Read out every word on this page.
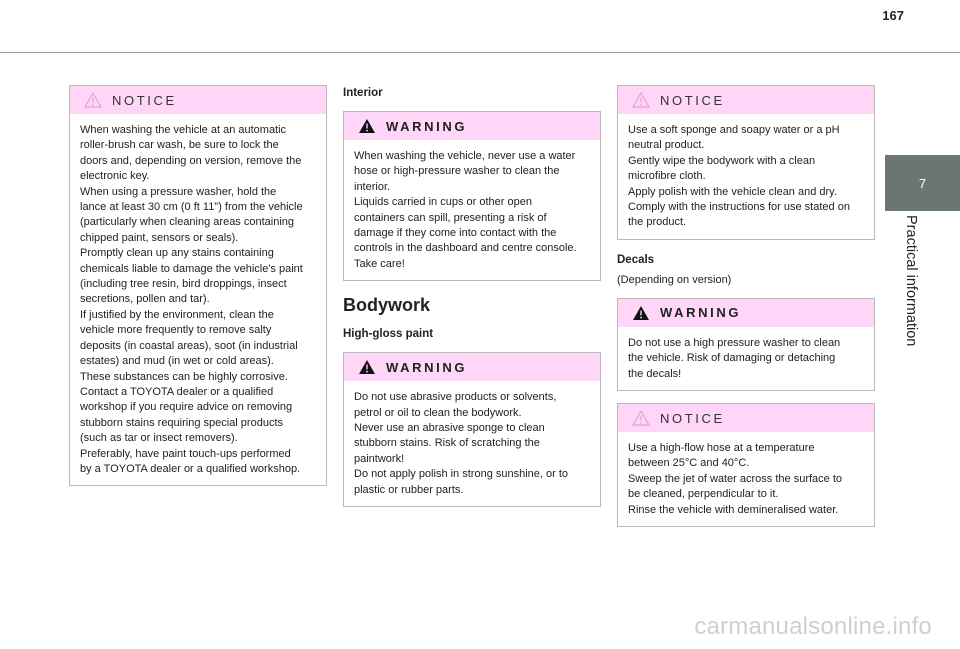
167
7
Practical information
NOTICE

When washing the vehicle at an automatic

roller-brush car wash, be sure to lock the

doors and, depending on version, remove the

electronic key.

When using a pressure washer, hold the

lance at least 30 cm (0 ft 11") from the vehicle

(particularly when cleaning areas containing

chipped paint, sensors or seals).

Promptly clean up any stains containing

chemicals liable to damage the vehicle's paint

(including tree resin, bird droppings, insect

secretions, pollen and tar).

If justified by the environment, clean the

vehicle more frequently to remove salty

deposits (in coastal areas), soot (in industrial

estates) and mud (in wet or cold areas).

These substances can be highly corrosive.

Contact a TOYOTA dealer or a qualified

workshop if you require advice on removing

stubborn stains requiring special products

(such as tar or insect removers).

Preferably, have paint touch-ups performed

by a TOYOTA dealer or a qualified workshop.

Interior
WARNING

When washing the vehicle, never use a water

hose or high-pressure washer to clean the

interior.

Liquids carried in cups or other open

containers can spill, presenting a risk of

damage if they come into contact with the

controls in the dashboard and centre console.

Take care!

Bodywork
High-gloss paint
WARNING

Do not use abrasive products or solvents,

petrol or oil to clean the bodywork.

Never use an abrasive sponge to clean

stubborn stains. Risk of scratching the

paintwork!

Do not apply polish in strong sunshine, or to

plastic or rubber parts.

NOTICE

Use a soft sponge and soapy water or a pH

neutral product.

Gently wipe the bodywork with a clean

microfibre cloth.

Apply polish with the vehicle clean and dry.

Comply with the instructions for use stated on

the product.

Decals
(Depending on version)
WARNING

Do not use a high pressure washer to clean

the vehicle. Risk of damaging or detaching

the decals!

NOTICE

Use a high-flow hose at a temperature

between 25°C and 40°C.

Sweep the jet of water across the surface to

be cleaned, perpendicular to it.

Rinse the vehicle with demineralised water.

carmanualsonline.info
